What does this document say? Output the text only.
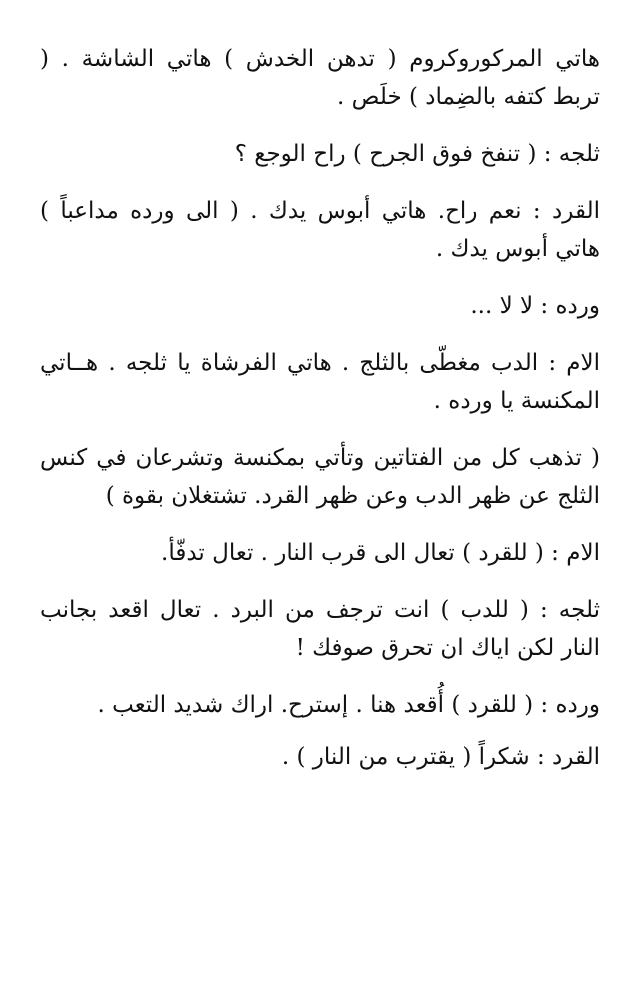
هاتي المركوروكروم ( تدهن الخدش ) هاتي الشاشة . ( تربط كتفه بالضِماد ) خلَص .

ثلجه : ( تنفخ فوق الجرح ) راح الوجع ؟

القرد : نعم راح. هاتي أبوس يدك . ( الى ورده مداعباً ) هاتي أبوس يدك .

ورده : لا لا ...

الام : الدب مغطّى بالثلج . هاتي الفرشاة يا ثلجه . هــاتي المكنسة يا ورده .

( تذهب كل من الفتاتين وتأتي بمكنسة وتشرعان في كنس الثلج عن ظهر الدب وعن ظهر القرد. تشتغلان بقوة )

الام : ( للقرد ) تعال الى قرب النار . تعال تدفّأ.

ثلجه : ( للدب ) انت ترجف من البرد . تعال اقعد بجانب النار لكن اياك ان تحرق صوفك !

ورده : ( للقرد ) أُقعد هنا . إسترح. اراك شديد التعب .

القرد : شكراً ( يقترب من النار ) .
